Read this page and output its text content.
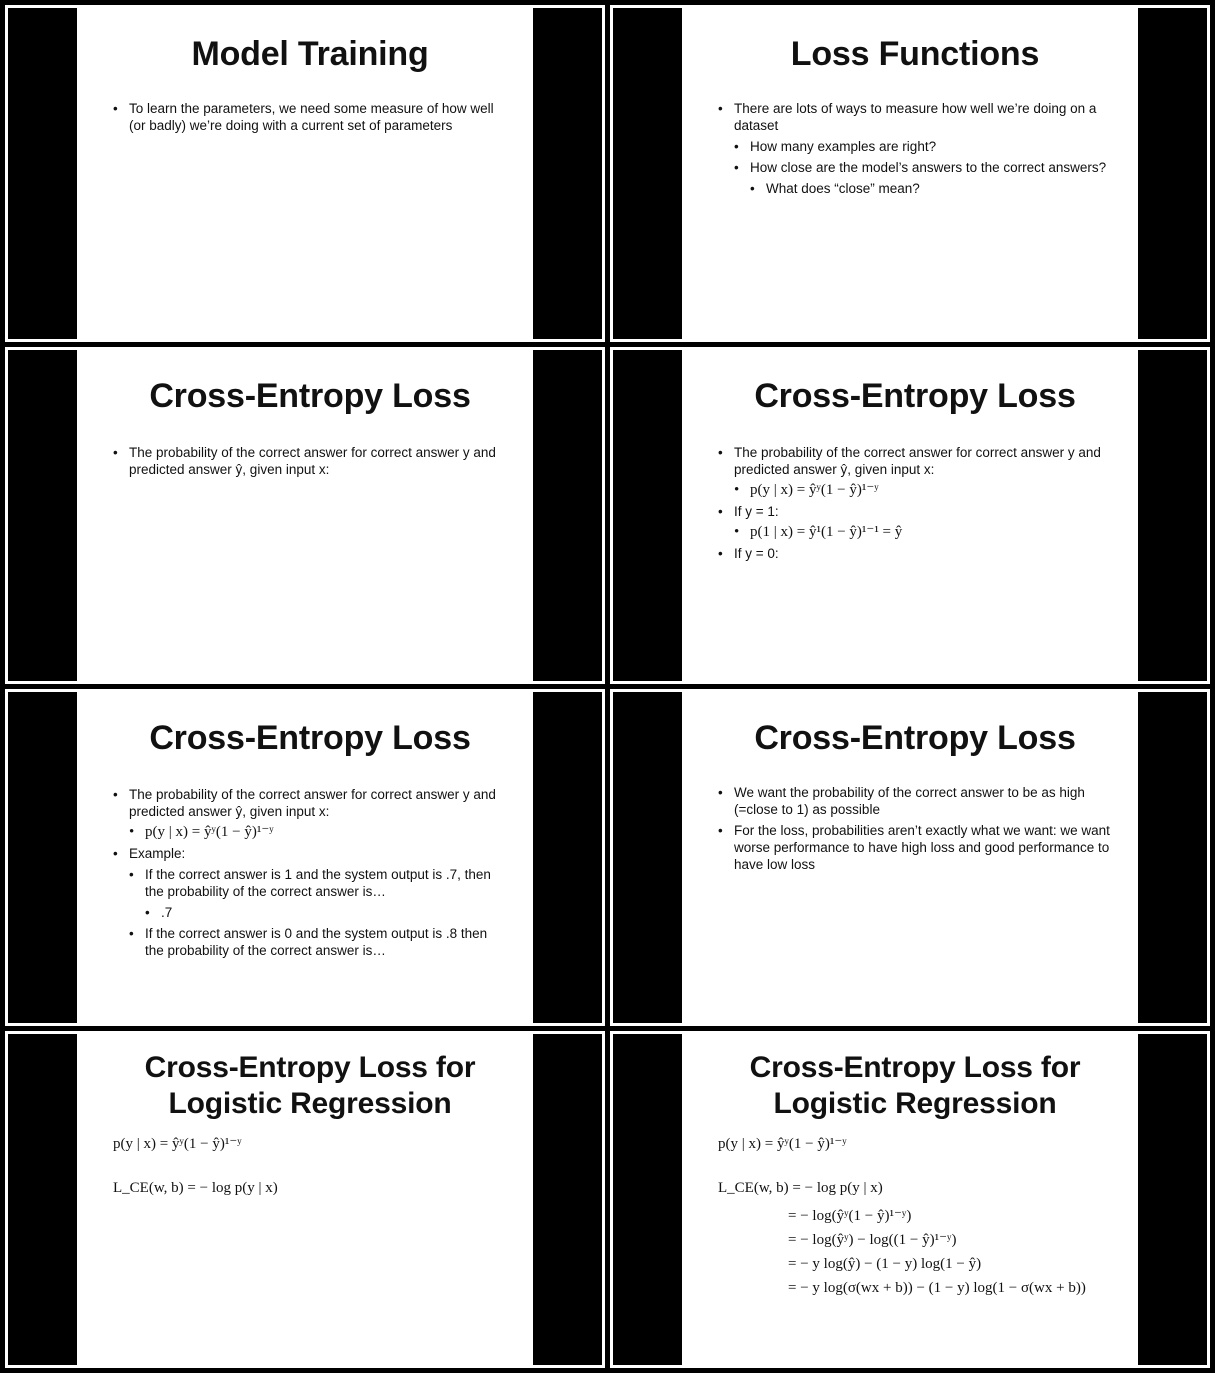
Model Training
• To learn the parameters, we need some measure of how well (or badly) we’re doing with a current set of parameters
Loss Functions
• There are lots of ways to measure how well we’re doing on a dataset
• How many examples are right?
• How close are the model’s answers to the correct answers?
• What does “close” mean?
Cross-Entropy Loss
• The probability of the correct answer for correct answer y and predicted answer ŷ, given input x:
Cross-Entropy Loss
• The probability of the correct answer for correct answer y and predicted answer ŷ, given input x:
• p(y | x) = ŷʸ(1 − ŷ)¹⁻ʸ
• If y = 1:
• p(1 | x) = ŷ¹(1 − ŷ)¹⁻¹ = ŷ
• If y = 0:
Cross-Entropy Loss
• The probability of the correct answer for correct answer y and predicted answer ŷ, given input x:
• p(y | x) = ŷʸ(1 − ŷ)¹⁻ʸ
• Example:
• If the correct answer is 1 and the system output is .7, then the probability of the correct answer is…
• .7
• If the correct answer is 0 and the system output is .8 then the probability of the correct answer is…
Cross-Entropy Loss
• We want the probability of the correct answer to be as high (=close to 1) as possible
• For the loss, probabilities aren’t exactly what we want: we want worse performance to have high loss and good performance to have low loss
Cross-Entropy Loss for
Logistic Regression
p(y | x) = ŷʸ(1 − ŷ)¹⁻ʸ
L_CE(w, b) = − log p(y | x)
Cross-Entropy Loss for
Logistic Regression
p(y | x) = ŷʸ(1 − ŷ)¹⁻ʸ
L_CE(w, b) = − log p(y | x)
= − log(ŷʸ(1 − ŷ)¹⁻ʸ)
= − log(ŷʸ) − log((1 − ŷ)¹⁻ʸ)
= − y log(ŷ) − (1 − y) log(1 − ŷ)
= − y log(σ(wx + b)) − (1 − y) log(1 − σ(wx + b))
